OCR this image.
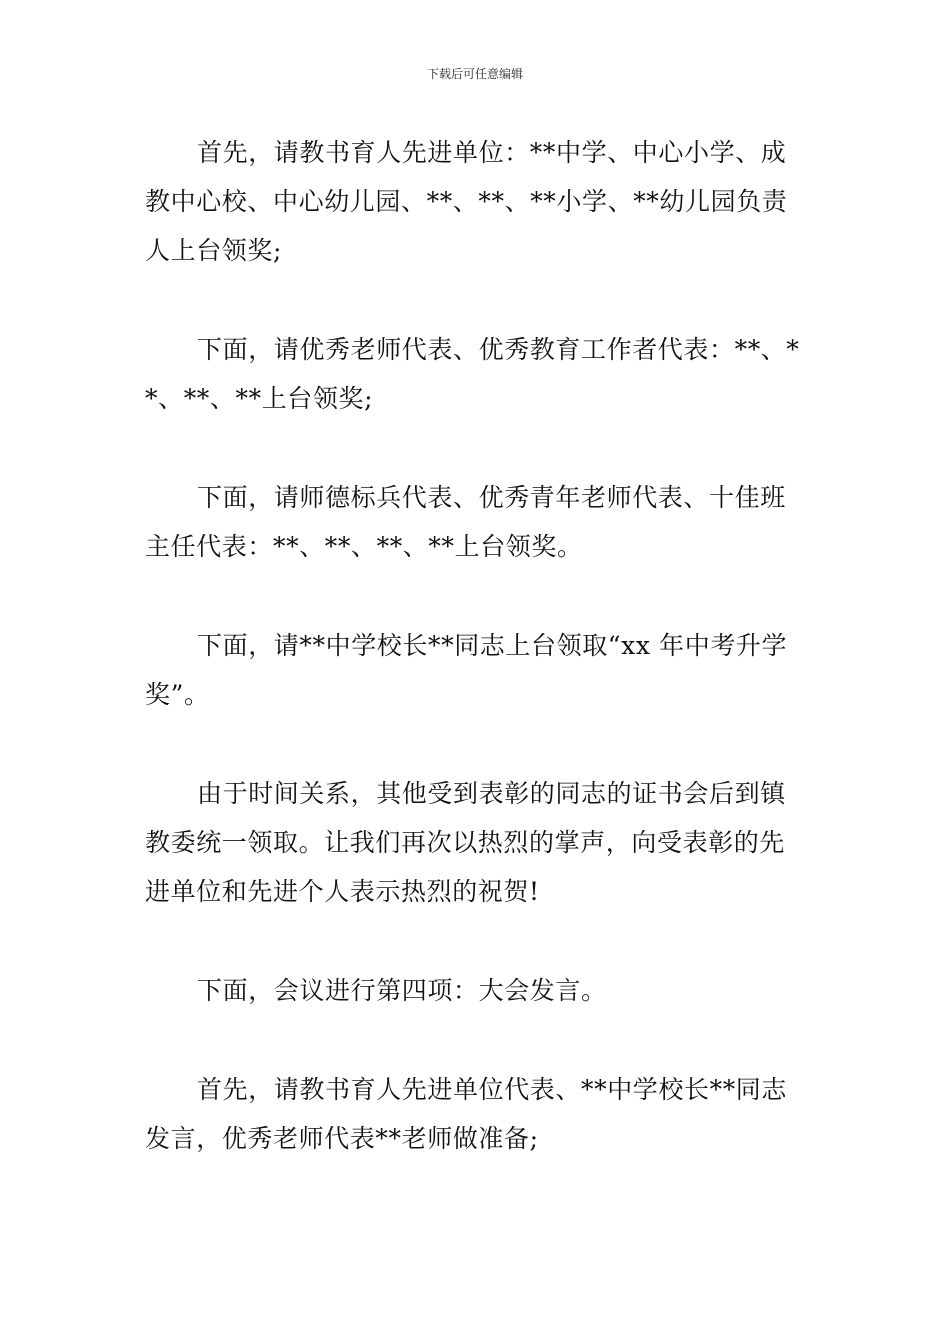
下载后可任意编辑
首先，请教书育人先进单位：**中学、中心小学、成
教中心校、中心幼儿园、**、**、**小学、**幼儿园负责
人上台领奖;
下面，请优秀老师代表、优秀教育工作者代表：**、*
*、**、**上台领奖;
下面，请师德标兵代表、优秀青年老师代表、十佳班
主任代表：**、**、**、**上台领奖。
下面，请**中学校长**同志上台领取“xx 年中考升学
奖”。
由于时间关系，其他受到表彰的同志的证书会后到镇
教委统一领取。让我们再次以热烈的掌声，向受表彰的先
进单位和先进个人表示热烈的祝贺!
下面，会议进行第四项：大会发言。
首先，请教书育人先进单位代表、**中学校长**同志
发言，优秀老师代表**老师做准备;
